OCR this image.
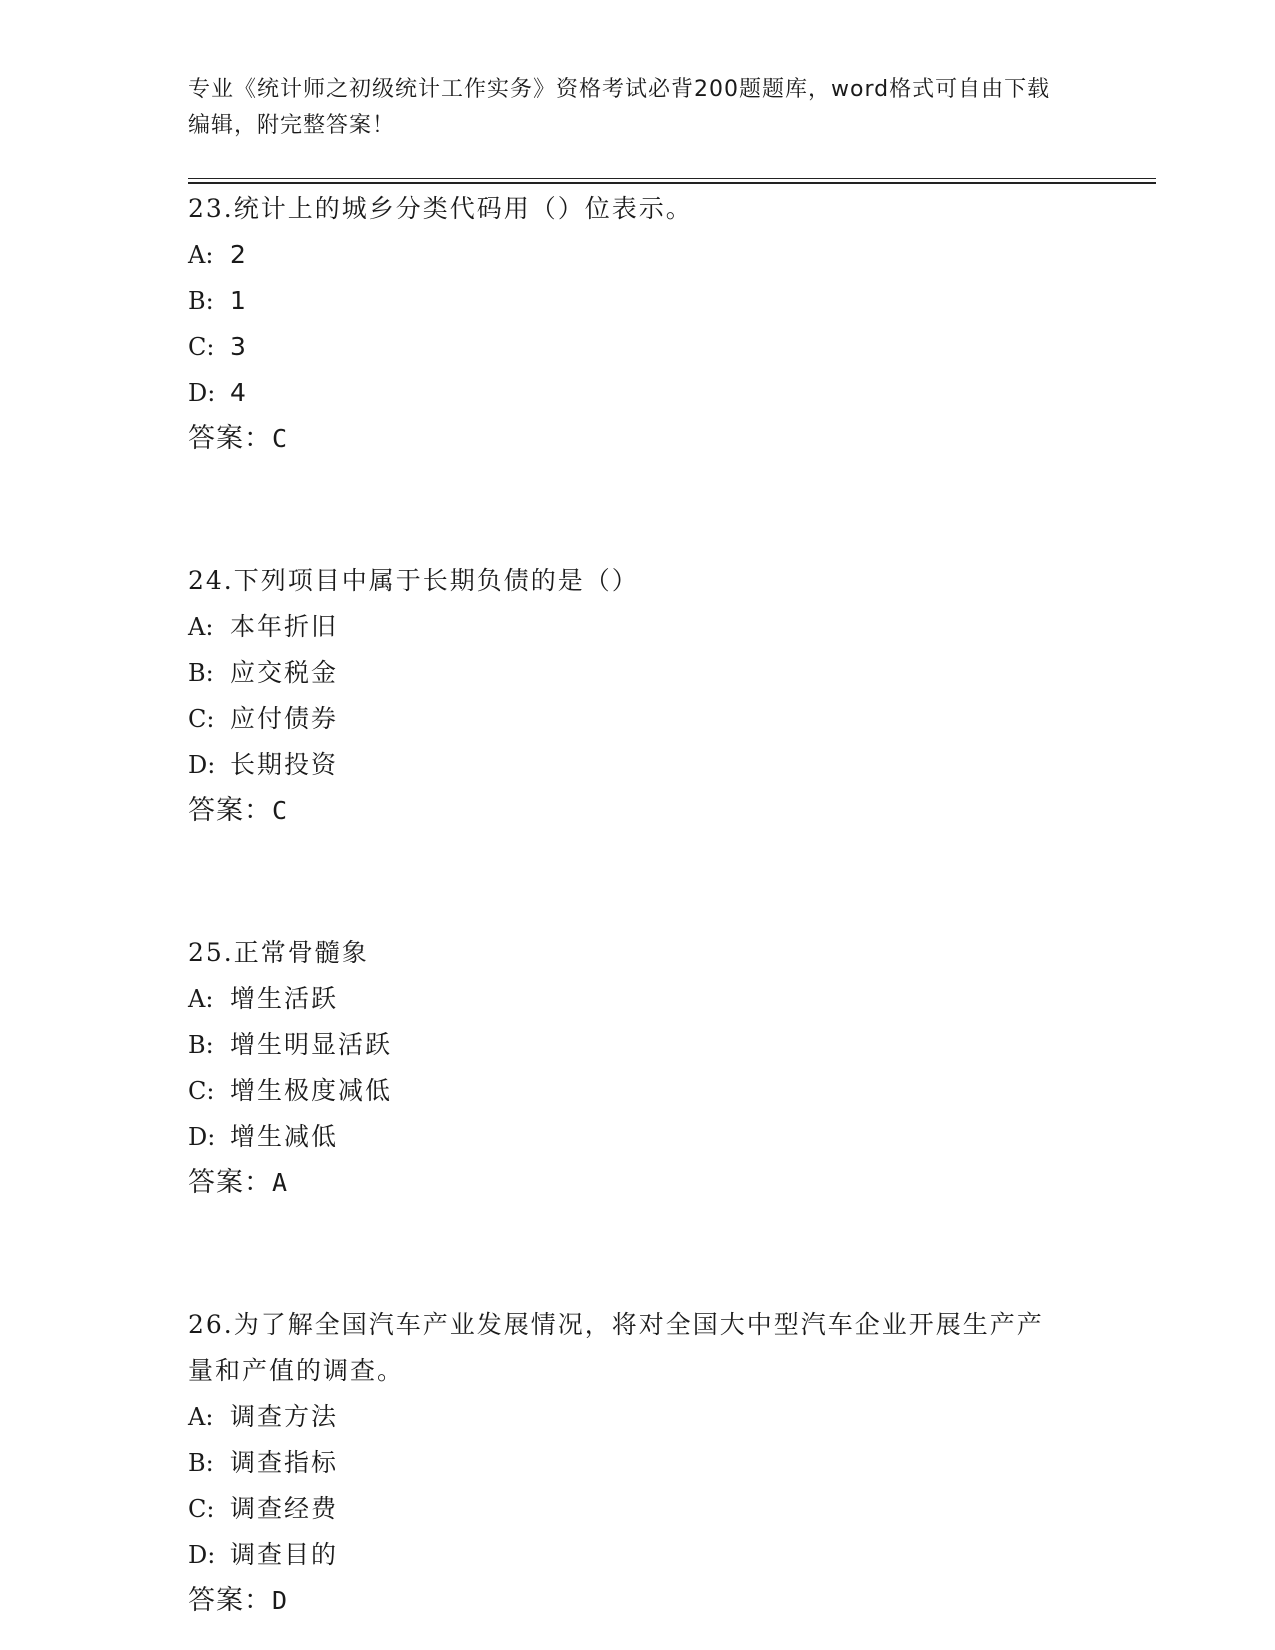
专业《统计师之初级统计工作实务》资格考试必背200题题库，word格式可自由下载编辑，附完整答案！
23.统计上的城乡分类代码用（）位表示。
A: 2
B: 1
C: 3
D: 4
答案：C
24.下列项目中属于长期负债的是（）
A: 本年折旧
B: 应交税金
C: 应付债券
D: 长期投资
答案：C
25.正常骨髓象
A: 增生活跃
B: 增生明显活跃
C: 增生极度减低
D: 增生减低
答案：A
26.为了解全国汽车产业发展情况，将对全国大中型汽车企业开展生产产量和产值的调查。
A: 调查方法
B: 调查指标
C: 调查经费
D: 调查目的
答案：D
